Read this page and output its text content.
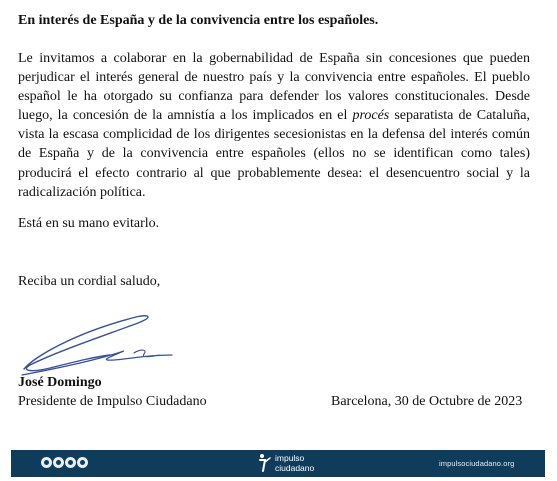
En interés de España y de la convivencia entre los españoles.

Le invitamos a colaborar en la gobernabilidad de España sin concesiones que pueden perjudicar el interés general de nuestro país y la convivencia entre españoles. El pueblo español le ha otorgado su confianza para defender los valores constitucionales. Desde luego, la concesión de la amnistía a los implicados en el procés separatista de Cataluña, vista la escasa complicidad de los dirigentes secesionistas en la defensa del interés común de España y de la convivencia entre españoles (ellos no se identifican como tales) producirá el efecto contrario al que probablemente desea: el desencuentro social y la radicalización política.

Está en su mano evitarlo.
Reciba un cordial saludo,
José Domingo
Presidente de Impulso Ciudadano	Barcelona, 30 de Octubre de 2023
impulso
ciudadano	impulsociudadano.org
